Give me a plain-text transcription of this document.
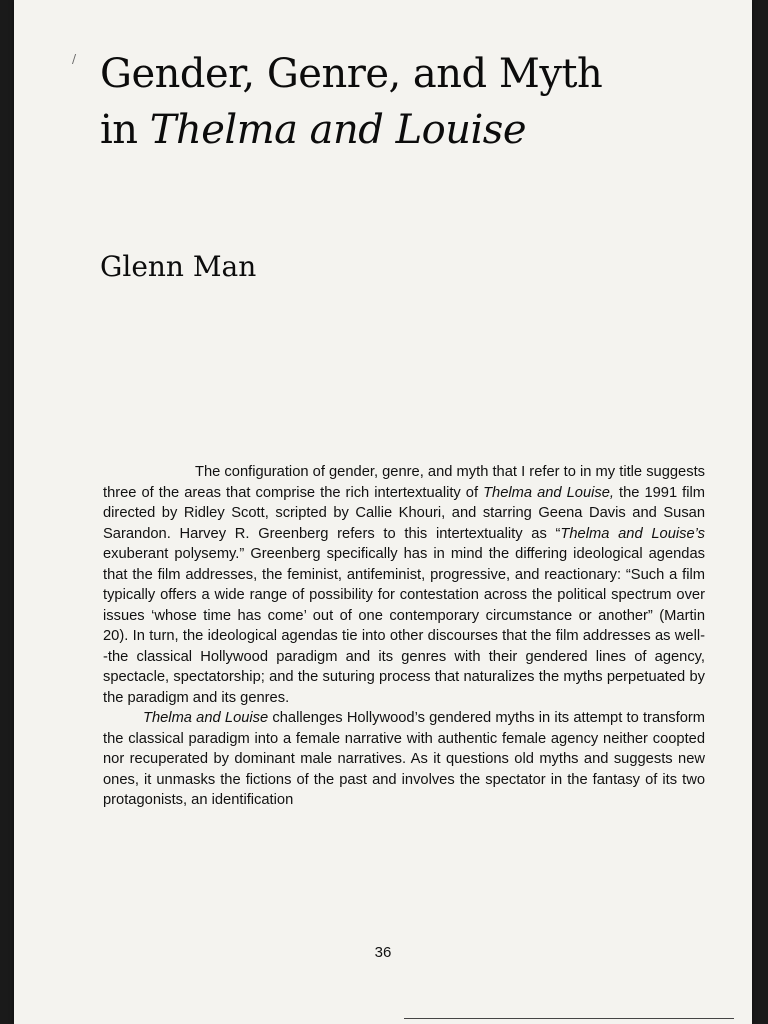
/ Gender, Genre, and Myth
in Thelma and Louise

Glenn Man

The configuration of gender, genre, and myth that I refer to in my title suggests three of the areas that comprise the rich intertextuality of Thelma and Louise, the 1991 film directed by Ridley Scott, scripted by Callie Khouri, and starring Geena Davis and Susan Sarandon. Harvey R. Greenberg refers to this intertextuality as “Thelma and Louise’s exuberant polysemy.” Greenberg specifically has in mind the differing ideological agendas that the film addresses, the feminist, antifeminist, progressive, and reactionary: “Such a film typically offers a wide range of possibility for contestation across the political spectrum over issues ‘whose time has come’ out of one contemporary circumstance or another” (Martin 20). In turn, the ideological agendas tie into other discourses that the film addresses as well--the classical Hollywood paradigm and its genres with their gendered lines of agency, spectacle, spectatorship; and the suturing process that naturalizes the myths perpetuated by the paradigm and its genres.

Thelma and Louise challenges Hollywood’s gendered myths in its attempt to transform the classical paradigm into a female narrative with authentic female agency neither coopted nor recuperated by dominant male narratives. As it questions old myths and suggests new ones, it unmasks the fictions of the past and involves the spectator in the fantasy of its two protagonists, an identification

36
